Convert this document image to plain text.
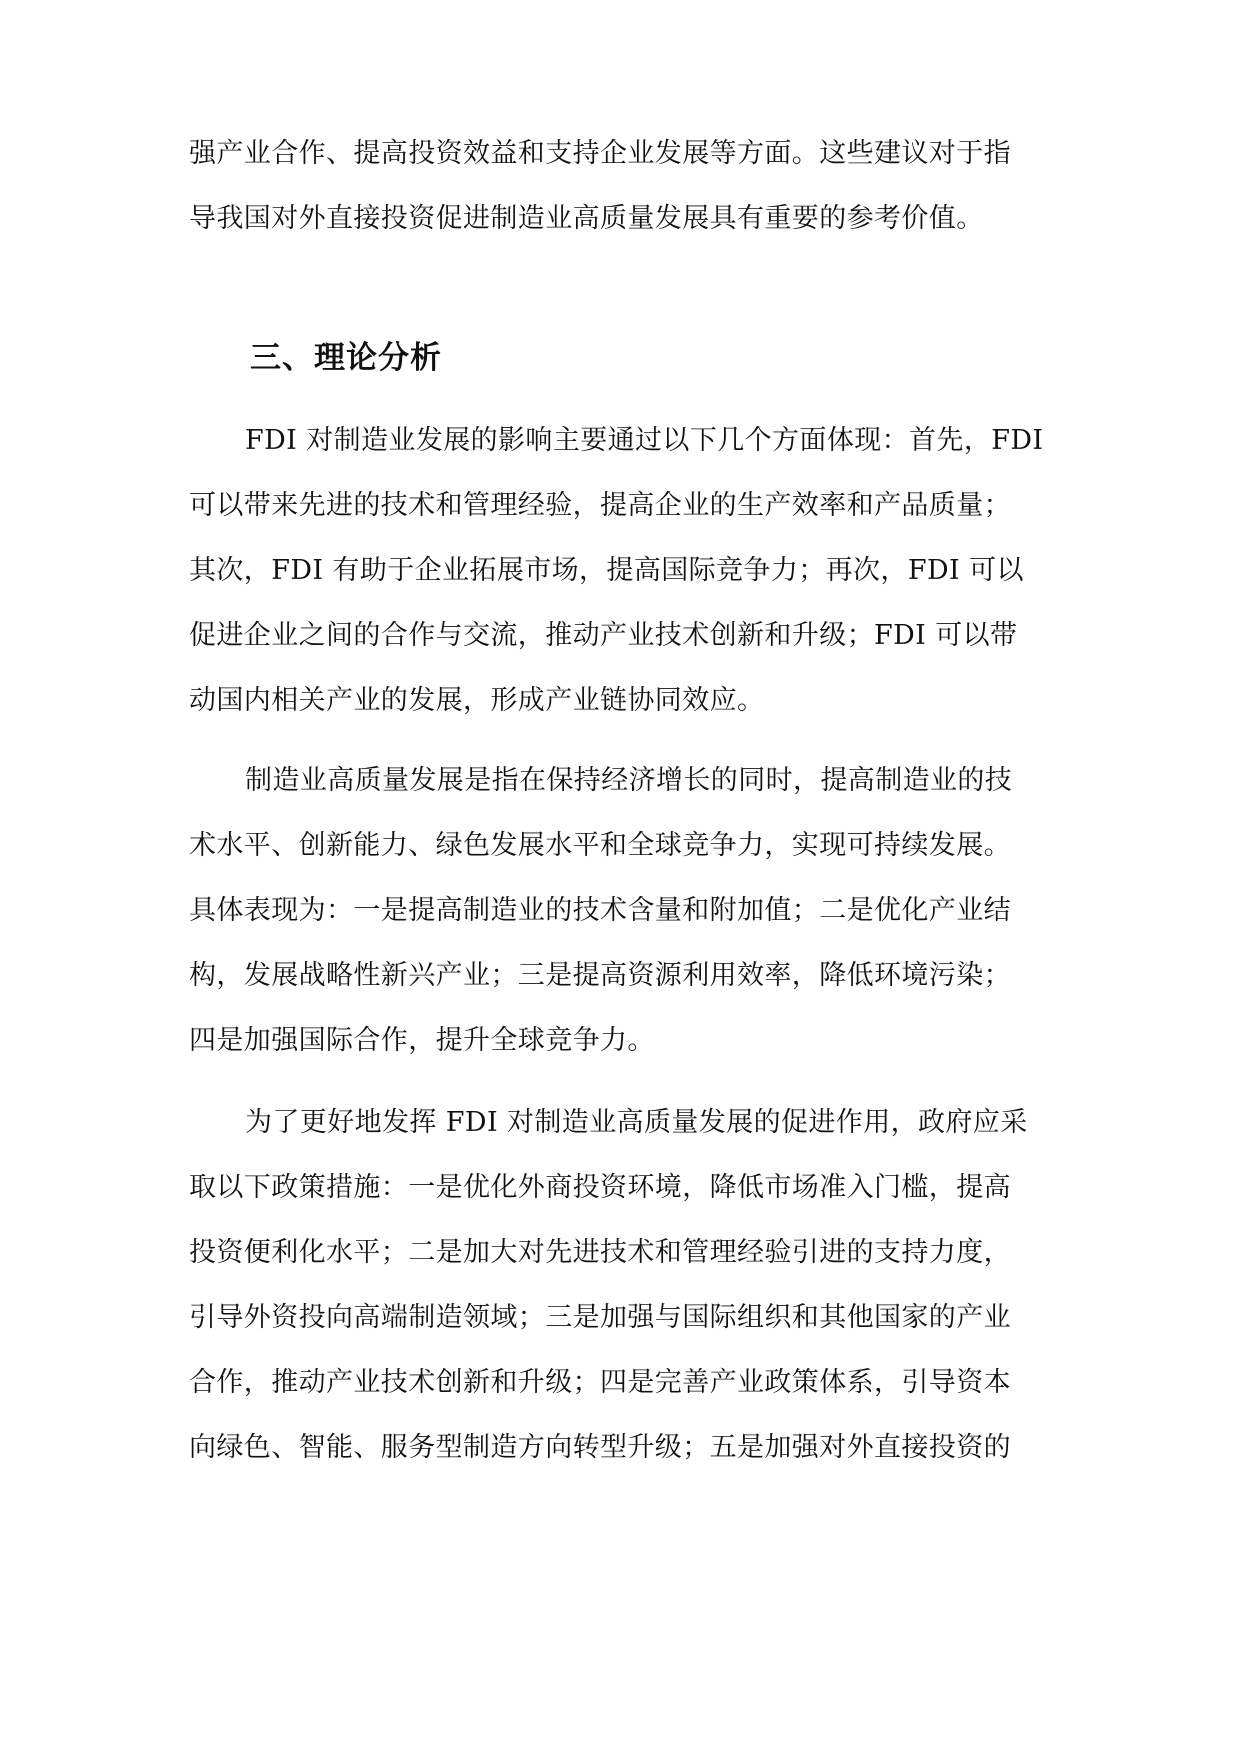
强产业合作、提高投资效益和支持企业发展等方面。这些建议对于指
导我国对外直接投资促进制造业高质量发展具有重要的参考价值。
三、理论分析
FDI 对制造业发展的影响主要通过以下几个方面体现：首先，FDI
可以带来先进的技术和管理经验，提高企业的生产效率和产品质量；
其次，FDI 有助于企业拓展市场，提高国际竞争力；再次，FDI 可以
促进企业之间的合作与交流，推动产业技术创新和升级；FDI 可以带
动国内相关产业的发展，形成产业链协同效应。
制造业高质量发展是指在保持经济增长的同时，提高制造业的技
术水平、创新能力、绿色发展水平和全球竞争力，实现可持续发展。
具体表现为：一是提高制造业的技术含量和附加值；二是优化产业结
构，发展战略性新兴产业；三是提高资源利用效率，降低环境污染；
四是加强国际合作，提升全球竞争力。
为了更好地发挥 FDI 对制造业高质量发展的促进作用，政府应采
取以下政策措施：一是优化外商投资环境，降低市场准入门槛，提高
投资便利化水平；二是加大对先进技术和管理经验引进的支持力度，
引导外资投向高端制造领域；三是加强与国际组织和其他国家的产业
合作，推动产业技术创新和升级；四是完善产业政策体系，引导资本
向绿色、智能、服务型制造方向转型升级；五是加强对外直接投资的
